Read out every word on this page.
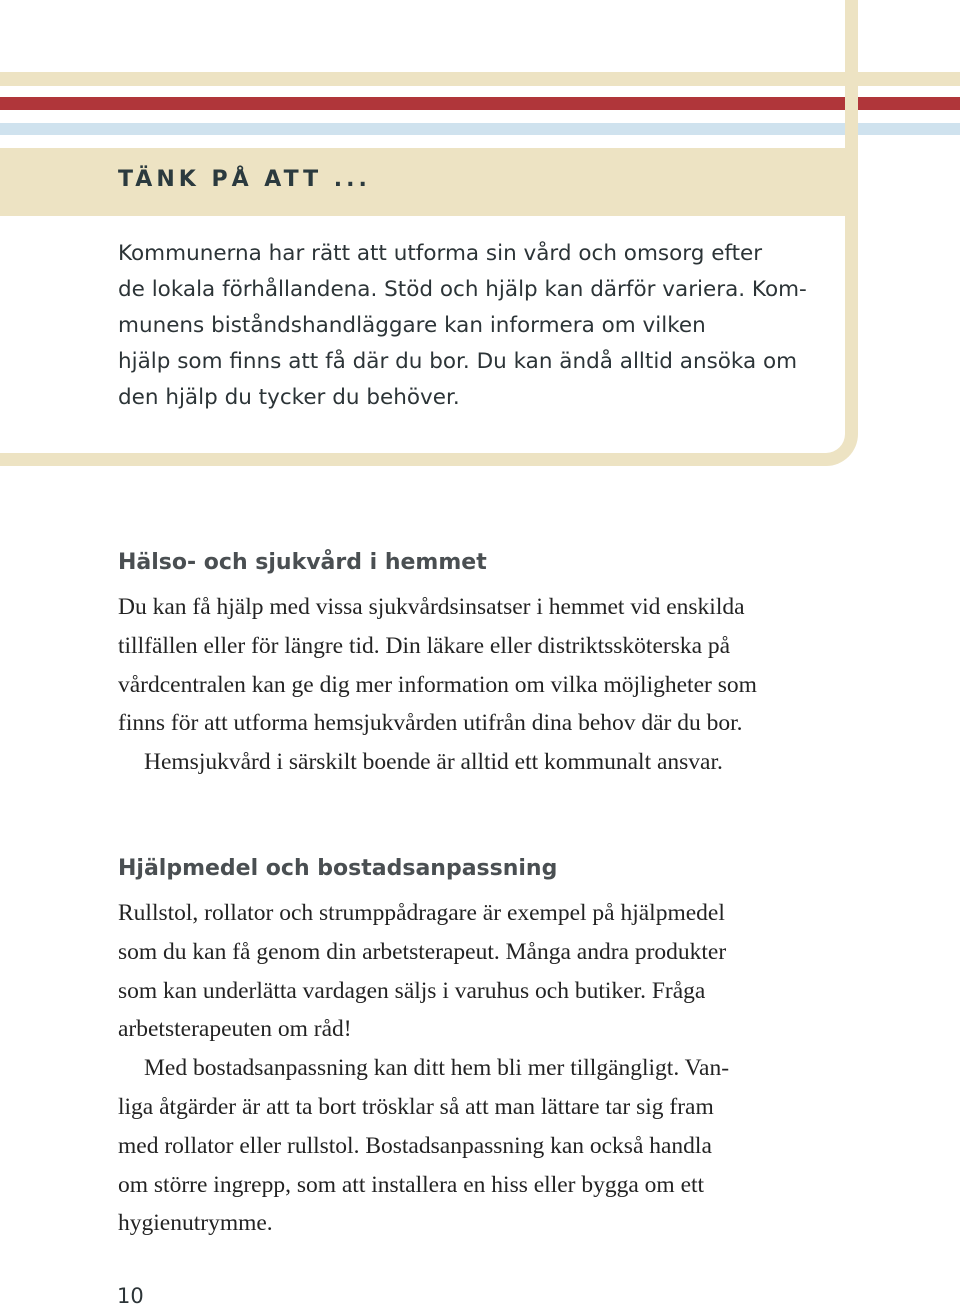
TÄNK PÅ ATT ...

Kommunerna har rätt att utforma sin vård och omsorg efter
de lokala förhållandena. Stöd och hjälp kan därför variera. Kom-
munens biståndshandläggare kan informera om vilken
hjälp som finns att få där du bor. Du kan ändå alltid ansöka om
den hjälp du tycker du behöver.

Hälso- och sjukvård i hemmet

Du kan få hjälp med vissa sjukvårdsinsatser i hemmet vid enskilda
tillfällen eller för längre tid. Din läkare eller distriktssköterska på
vårdcentralen kan ge dig mer information om vilka möjligheter som
finns för att utforma hemsjukvården utifrån dina behov där du bor.
Hemsjukvård i särskilt boende är alltid ett kommunalt ansvar.

Hjälpmedel och bostadsanpassning

Rullstol, rollator och strumppådragare är exempel på hjälpmedel
som du kan få genom din arbetsterapeut. Många andra produkter
som kan underlätta vardagen säljs i varuhus och butiker. Fråga
arbetsterapeuten om råd!
Med bostadsanpassning kan ditt hem bli mer tillgängligt. Van-
liga åtgärder är att ta bort trösklar så att man lättare tar sig fram
med rollator eller rullstol. Bostadsanpassning kan också handla
om större ingrepp, som att installera en hiss eller bygga om ett
hygienutrymme.

10
